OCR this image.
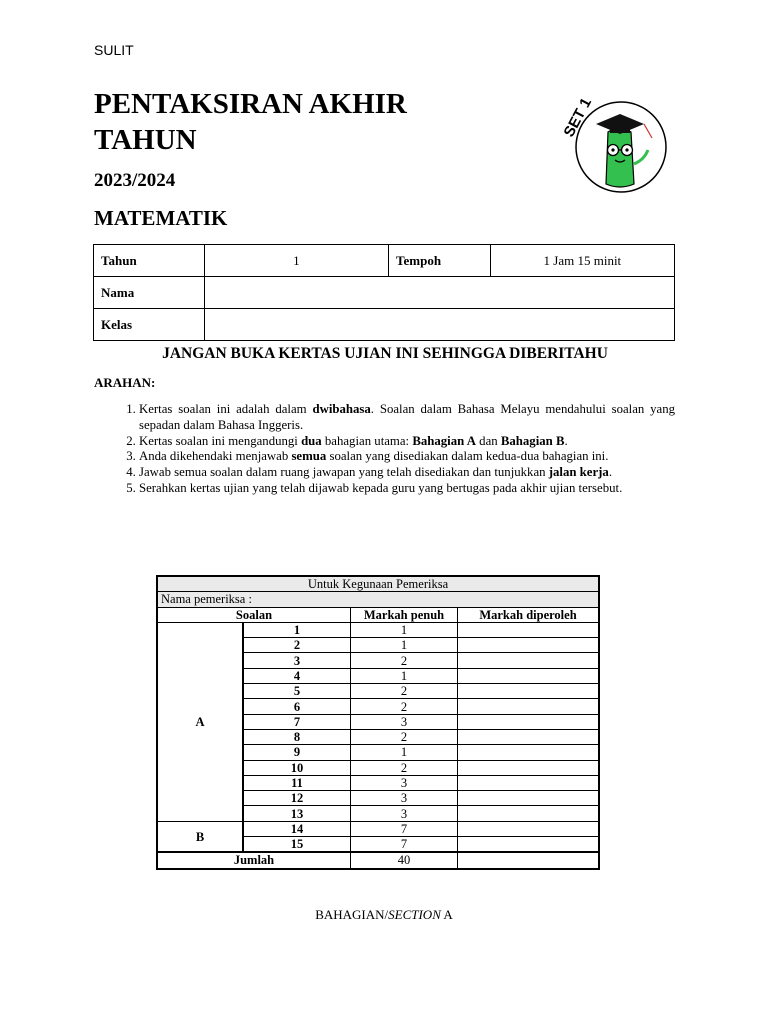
SULIT
PENTAKSIRAN AKHIR
TAHUN
2023/2024
MATEMATIK
SET 1
Tahun	1	Tempoh	1 Jam 15 minit
Nama			
Kelas			
JANGAN BUKA KERTAS UJIAN INI SEHINGGA DIBERITAHU
ARAHAN:
1. Kertas soalan ini adalah dalam dwibahasa. Soalan dalam Bahasa Melayu mendahului soalan yang sepadan dalam Bahasa Inggeris.
2. Kertas soalan ini mengandungi dua bahagian utama: Bahagian A dan Bahagian B.
3. Anda dikehendaki menjawab semua soalan yang disediakan dalam kedua-dua bahagian ini.
4. Jawab semua soalan dalam ruang jawapan yang telah disediakan dan tunjukkan jalan kerja.
5. Serahkan kertas ujian yang telah dijawab kepada guru yang bertugas pada akhir ujian tersebut.
Untuk Kegunaan Pemeriksa			
Nama pemeriksa :			
Soalan		Markah penuh	Markah diperoleh
A	1	1	
	2	1	
	3	2	
	4	1	
	5	2	
	6	2	
	7	3	
	8	2	
	9	1	
	10	2	
	11	3	
	12	3	
	13	3	
B	14	7	
	15	7	
Jumlah		40	
BAHAGIAN/SECTION A
